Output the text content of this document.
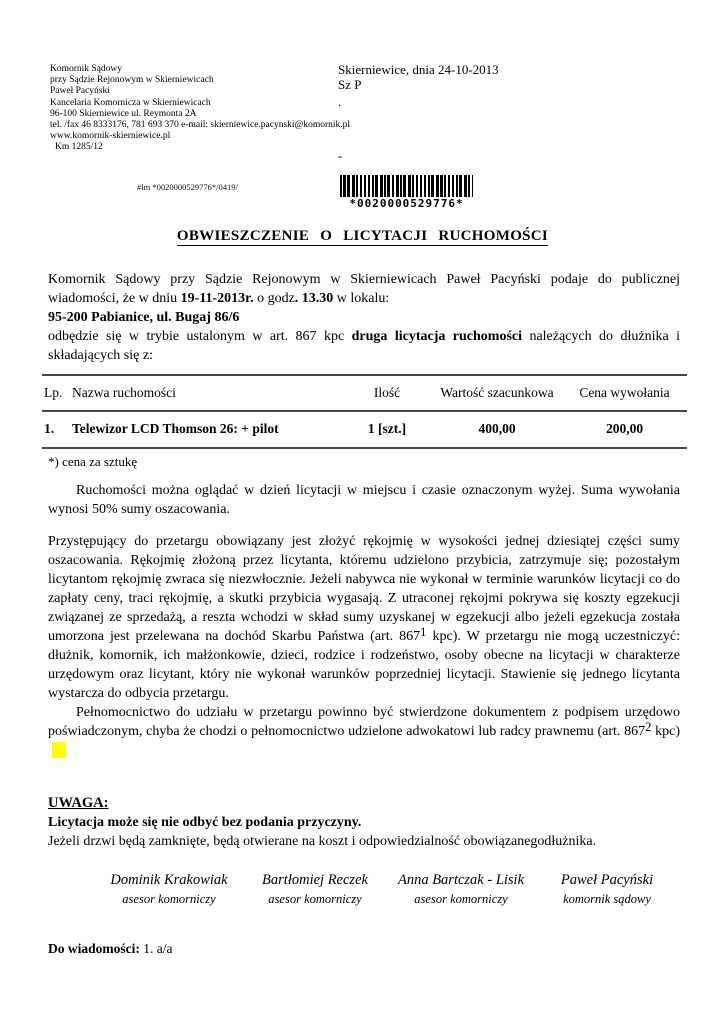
Komornik Sądowy
przy Sądzie Rejonowym w Skierniewicach
Paweł Pacyński
Kancelaria Komornicza w Skierniewicach
96-100 Skierniewice ul. Reymonta 2A
tel. /fax 46 8333176, 781 693 370 e-mail: skierniewice.pacynski@komornik.pl
www.komornik-skierniewice.pl
Km 1285/12
Skierniewice, dnia 24-10-2013
Sz P
.
-
#lm *0020000529776*/0419/
*0020000529776*
OBWIESZCZENIE O LICYTACJI RUCHOMOŚCI
Komornik Sądowy przy Sądzie Rejonowym w Skierniewicach Paweł Pacyński podaje do publicznej wiadomości, że w dniu 19-11-2013r. o godz. 13.30 w lokalu:
95-200 Pabianice, ul. Bugaj 86/6
odbędzie się w trybie ustalonym w art. 867 kpc druga licytacja ruchomości należących do dłużnika i składających się z:
Lp.	Nazwa ruchomości	Ilość	Wartość szacunkowa	Cena wywołania
1.	Telewizor LCD Thomson 26: + pilot	1 [szt.]	400,00	200,00
*) cena za sztukę
Ruchomości można oglądać w dzień licytacji w miejscu i czasie oznaczonym wyżej. Suma wywołania wynosi 50% sumy oszacowania.
Przystępujący do przetargu obowiązany jest złożyć rękojmię w wysokości jednej dziesiątej części sumy oszacowania. Rękojmię złożoną przez licytanta, któremu udzielono przybicia, zatrzymuje się; pozostałym licytantom rękojmię zwraca się niezwłocznie. Jeżeli nabywca nie wykonał w terminie warunków licytacji co do zapłaty ceny, traci rękojmię, a skutki przybicia wygasają. Z utraconej rękojmi pokrywa się koszty egzekucji związanej ze sprzedażą, a reszta wchodzi w skład sumy uzyskanej w egzekucji albo jeżeli egzekucja została umorzona jest przelewana na dochód Skarbu Państwa (art. $867^1$ kpc). W przetargu nie mogą uczestniczyć: dłużnik, komornik, ich małżonkowie, dzieci, rodzice i rodzeństwo, osoby obecne na licytacji w charakterze urzędowym oraz licytant, który nie wykonał warunków poprzedniej licytacji. Stawienie się jednego licytanta wystarcza do odbycia przetargu.
Pełnomocnictwo do udziału w przetargu powinno być stwierdzone dokumentem z podpisem urzędowo poświadczonym, chyba że chodzi o pełnomocnictwo udzielone adwokatowi lub radcy prawnemu (art. $867^2$ kpc)
UWAGA:
Licytacja może się nie odbyć bez podania przyczyny.
Jeżeli drzwi będą zamknięte, będą otwierane na koszt i odpowiedzialność obowiązanegodłużnika.
Dominik Krakowiak
asesor komorniczy
Bartłomiej Reczek
asesor komorniczy
Anna Bartczak - Lisik
asesor komorniczy
Paweł Pacyński
komornik sądowy
Do wiadomości: 1. a/a
